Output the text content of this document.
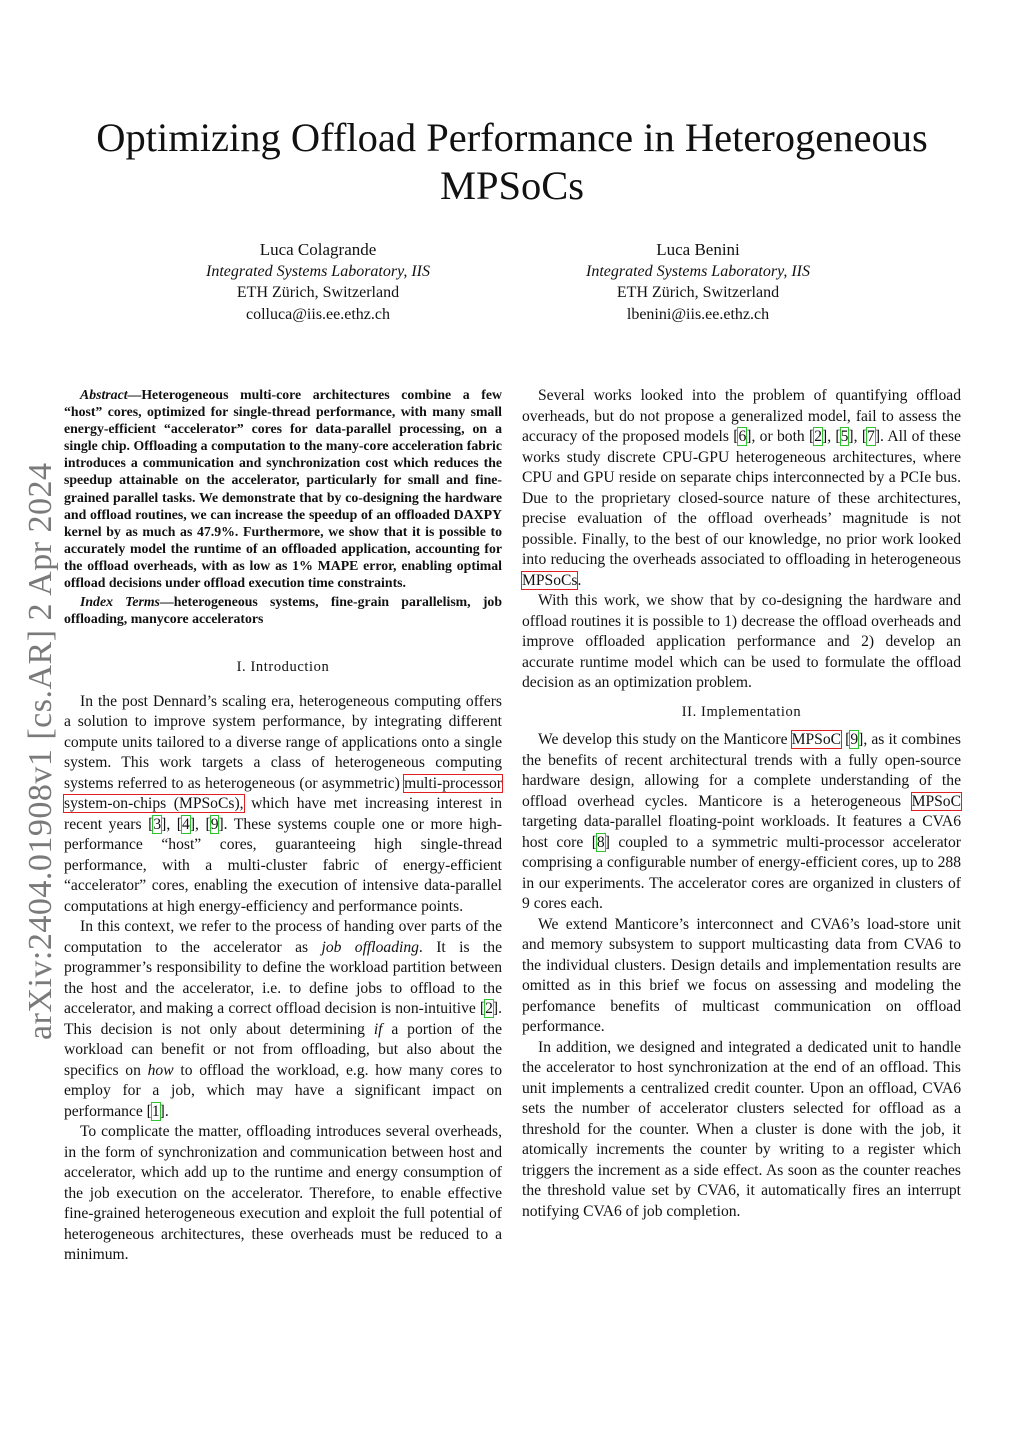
Optimizing Offload Performance in Heterogeneous MPSoCs
Luca Colagrande
Integrated Systems Laboratory, IIS
ETH Zürich, Switzerland
colluca@iis.ee.ethz.ch
Luca Benini
Integrated Systems Laboratory, IIS
ETH Zürich, Switzerland
lbenini@iis.ee.ethz.ch
arXiv:2404.01908v1 [cs.AR] 2 Apr 2024

Abstract—Heterogeneous multi-core architectures combine a few “host” cores, optimized for single-thread performance, with many small energy-efficient “accelerator” cores for data-parallel processing, on a single chip. Offloading a computation to the many-core acceleration fabric introduces a communication and synchronization cost which reduces the speedup attainable on the accelerator, particularly for small and fine-grained parallel tasks. We demonstrate that by co-designing the hardware and offload routines, we can increase the speedup of an offloaded DAXPY kernel by as much as 47.9%. Furthermore, we show that it is possible to accurately model the runtime of an offloaded application, accounting for the offload overheads, with as low as 1% MAPE error, enabling optimal offload decisions under offload execution time constraints.

Index Terms—heterogeneous systems, fine-grain parallelism, job offloading, manycore accelerators

I. Introduction

In the post Dennard’s scaling era, heterogeneous computing offers a solution to improve system performance, by integrating different compute units tailored to a diverse range of applications onto a single system. This work targets a class of heterogeneous computing systems referred to as heterogeneous (or asymmetric) multi-processor system-on-chips (MPSoCs), which have met increasing interest in recent years [3], [4], [9]. These systems couple one or more high-performance “host” cores, guaranteeing high single-thread performance, with a multi-cluster fabric of energy-efficient “accelerator” cores, enabling the execution of intensive data-parallel computations at high energy-efficiency and performance points.

In this context, we refer to the process of handing over parts of the computation to the accelerator as job offloading. It is the programmer’s responsibility to define the workload partition between the host and the accelerator, i.e. to define jobs to offload to the accelerator, and making a correct offload decision is non-intuitive [2]. This decision is not only about determining if a portion of the workload can benefit or not from offloading, but also about the specifics on how to offload the workload, e.g. how many cores to employ for a job, which may have a significant impact on performance [1].

To complicate the matter, offloading introduces several overheads, in the form of synchronization and communication between host and accelerator, which add up to the runtime and energy consumption of the job execution on the accelerator. Therefore, to enable effective fine-grained heterogeneous execution and exploit the full potential of heterogeneous architectures, these overheads must be reduced to a minimum.

Several works looked into the problem of quantifying offload overheads, but do not propose a generalized model, fail to assess the accuracy of the proposed models [6], or both [2], [5], [7]. All of these works study discrete CPU-GPU heterogeneous architectures, where CPU and GPU reside on separate chips interconnected by a PCIe bus. Due to the proprietary closed-source nature of these architectures, precise evaluation of the offload overheads’ magnitude is not possible. Finally, to the best of our knowledge, no prior work looked into reducing the overheads associated to offloading in heterogeneous MPSoCs.

With this work, we show that by co-designing the hardware and offload routines it is possible to 1) decrease the offload overheads and improve offloaded application performance and 2) develop an accurate runtime model which can be used to formulate the offload decision as an optimization problem.

II. Implementation

We develop this study on the Manticore MPSoC [9], as it combines the benefits of recent architectural trends with a fully open-source hardware design, allowing for a complete understanding of the offload overhead cycles. Manticore is a heterogeneous MPSoC targeting data-parallel floating-point workloads. It features a CVA6 host core [8] coupled to a symmetric multi-processor accelerator comprising a configurable number of energy-efficient cores, up to 288 in our experiments. The accelerator cores are organized in clusters of 9 cores each.

We extend Manticore’s interconnect and CVA6’s load-store unit and memory subsystem to support multicasting data from CVA6 to the individual clusters. Design details and implementation results are omitted as in this brief we focus on assessing and modeling the perfomance benefits of multicast communication on offload performance.

In addition, we designed and integrated a dedicated unit to handle the accelerator to host synchronization at the end of an offload. This unit implements a centralized credit counter. Upon an offload, CVA6 sets the number of accelerator clusters selected for offload as a threshold for the counter. When a cluster is done with the job, it atomically increments the counter by writing to a register which triggers the increment as a side effect. As soon as the counter reaches the threshold value set by CVA6, it automatically fires an interrupt notifying CVA6 of job completion.
